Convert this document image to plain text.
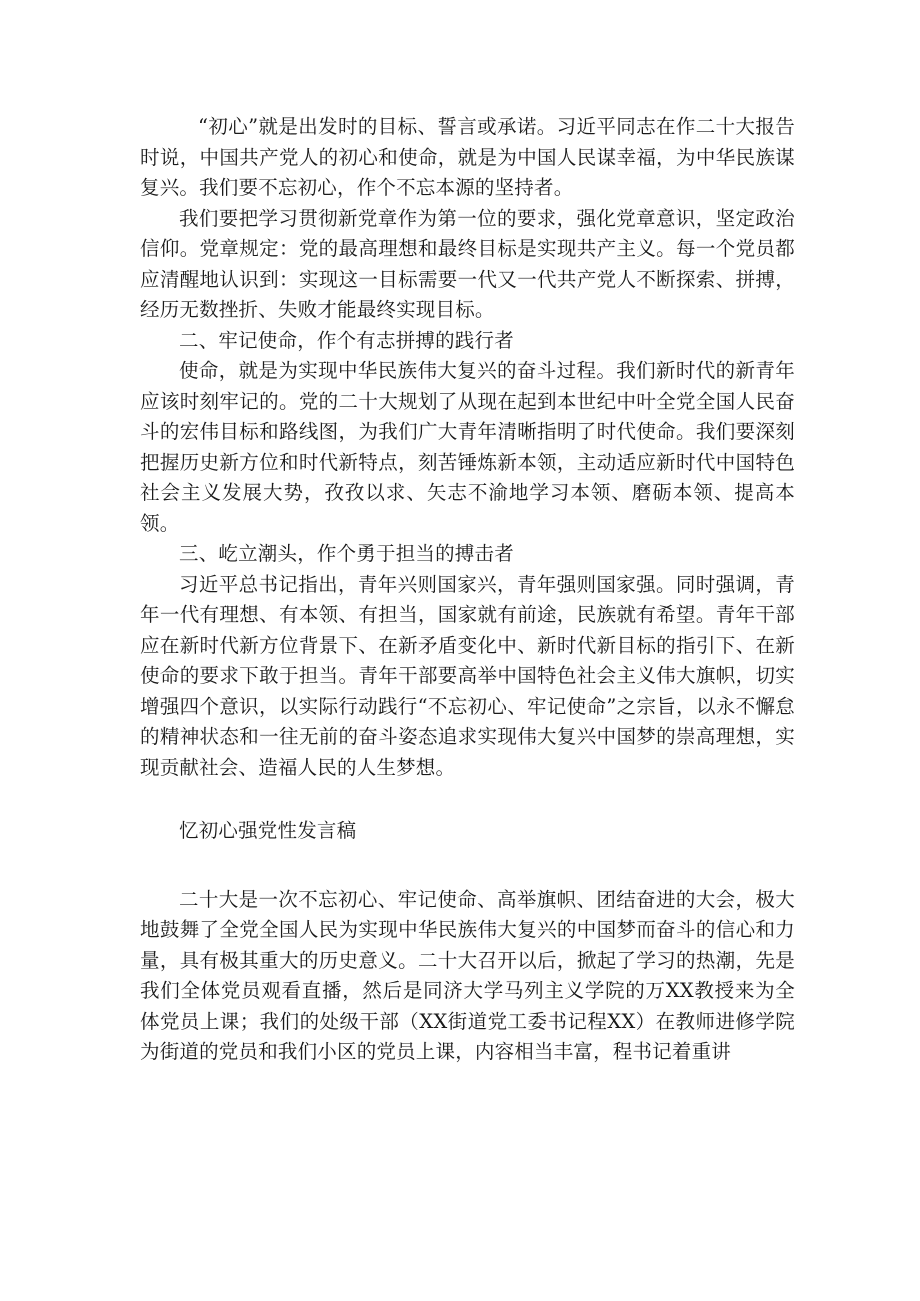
“初心”就是出发时的目标、誓言或承诺。习近平同志在作二十大报告时说，中国共产党人的初心和使命，就是为中国人民谋幸福，为中华民族谋复兴。我们要不忘初心，作个不忘本源的坚持者。

我们要把学习贯彻新党章作为第一位的要求，强化党章意识，坚定政治信仰。党章规定：党的最高理想和最终目标是实现共产主义。每一个党员都应清醒地认识到：实现这一目标需要一代又一代共产党人不断探索、拼搏，经历无数挫折、失败才能最终实现目标。

二、牢记使命，作个有志拼搏的践行者

使命，就是为实现中华民族伟大复兴的奋斗过程。我们新时代的新青年应该时刻牢记的。党的二十大规划了从现在起到本世纪中叶全党全国人民奋斗的宏伟目标和路线图，为我们广大青年清晰指明了时代使命。我们要深刻把握历史新方位和时代新特点，刻苦锤炼新本领，主动适应新时代中国特色社会主义发展大势，孜孜以求、矢志不渝地学习本领、磨砺本领、提高本领。

三、屹立潮头，作个勇于担当的搏击者

习近平总书记指出，青年兴则国家兴，青年强则国家强。同时强调，青年一代有理想、有本领、有担当，国家就有前途，民族就有希望。青年干部应在新时代新方位背景下、在新矛盾变化中、新时代新目标的指引下、在新使命的要求下敢于担当。青年干部要高举中国特色社会主义伟大旗帜，切实增强四个意识，以实际行动践行“不忘初心、牢记使命”之宗旨，以永不懈怠的精神状态和一往无前的奋斗姿态追求实现伟大复兴中国梦的崇高理想，实现贡献社会、造福人民的人生梦想。

忆初心强党性发言稿

二十大是一次不忘初心、牢记使命、高举旗帜、团结奋进的大会，极大地鼓舞了全党全国人民为实现中华民族伟大复兴的中国梦而奋斗的信心和力量，具有极其重大的历史意义。二十大召开以后，掀起了学习的热潮，先是我们全体党员观看直播，然后是同济大学马列主义学院的万XX教授来为全体党员上课；我们的处级干部（XX街道党工委书记程XX）在教师进修学院为街道的党员和我们小区的党员上课，内容相当丰富，程书记着重讲
